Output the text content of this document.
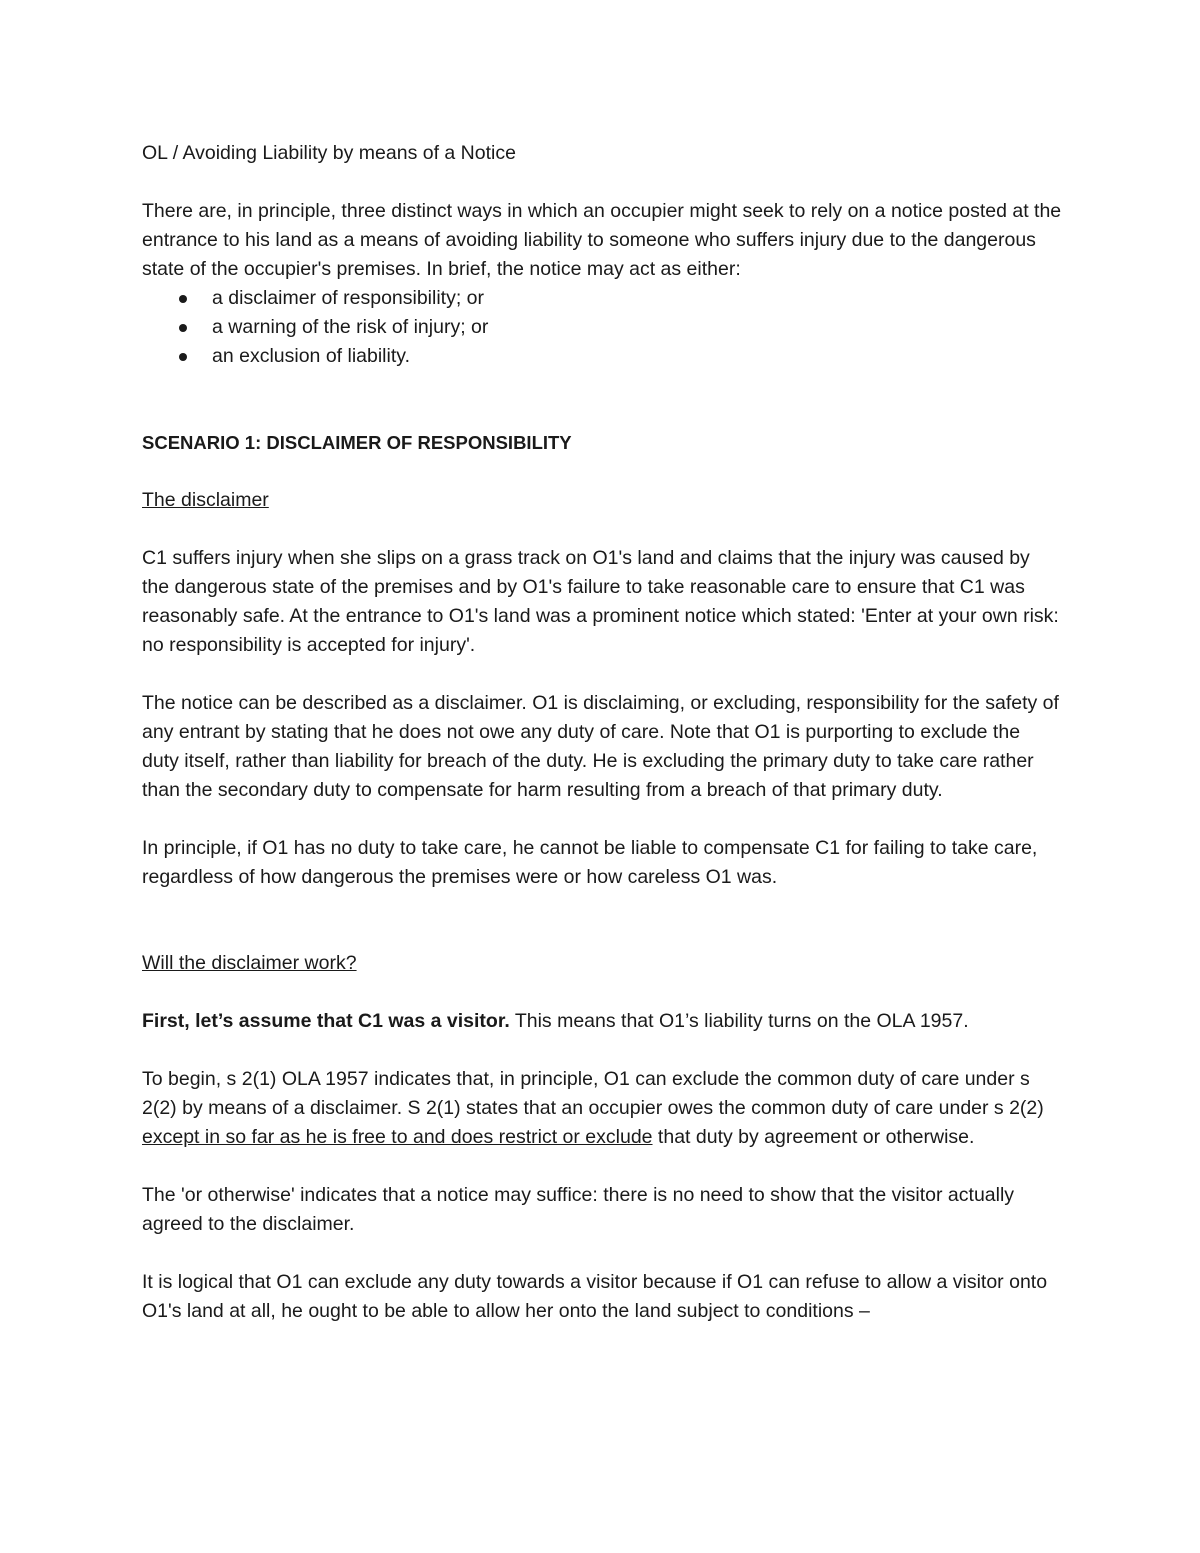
OL / Avoiding Liability by means of a Notice

There are, in principle, three distinct ways in which an occupier might seek to rely on a notice posted at the entrance to his land as a means of avoiding liability to someone who suffers injury due to the dangerous state of the occupier's premises. In brief, the notice may act as either:

a disclaimer of responsibility; or
a warning of the risk of injury; or
an exclusion of liability.

SCENARIO 1: DISCLAIMER OF RESPONSIBILITY

The disclaimer

C1 suffers injury when she slips on a grass track on O1's land and claims that the injury was caused by the dangerous state of the premises and by O1's failure to take reasonable care to ensure that C1 was reasonably safe. At the entrance to O1's land was a prominent notice which stated: 'Enter at your own risk: no responsibility is accepted for injury'.

The notice can be described as a disclaimer. O1 is disclaiming, or excluding, responsibility for the safety of any entrant by stating that he does not owe any duty of care. Note that O1 is purporting to exclude the duty itself, rather than liability for breach of the duty. He is excluding the primary duty to take care rather than the secondary duty to compensate for harm resulting from a breach of that primary duty.

In principle, if O1 has no duty to take care, he cannot be liable to compensate C1 for failing to take care, regardless of how dangerous the premises were or how careless O1 was.

Will the disclaimer work?

First, let’s assume that C1 was a visitor. This means that O1’s liability turns on the OLA 1957.

To begin, s 2(1) OLA 1957 indicates that, in principle, O1 can exclude the common duty of care under s 2(2) by means of a disclaimer. S 2(1) states that an occupier owes the common duty of care under s 2(2) except in so far as he is free to and does restrict or exclude that duty by agreement or otherwise.

The 'or otherwise' indicates that a notice may suffice: there is no need to show that the visitor actually agreed to the disclaimer.

It is logical that O1 can exclude any duty towards a visitor because if O1 can refuse to allow a visitor onto O1's land at all, he ought to be able to allow her onto the land subject to conditions –
